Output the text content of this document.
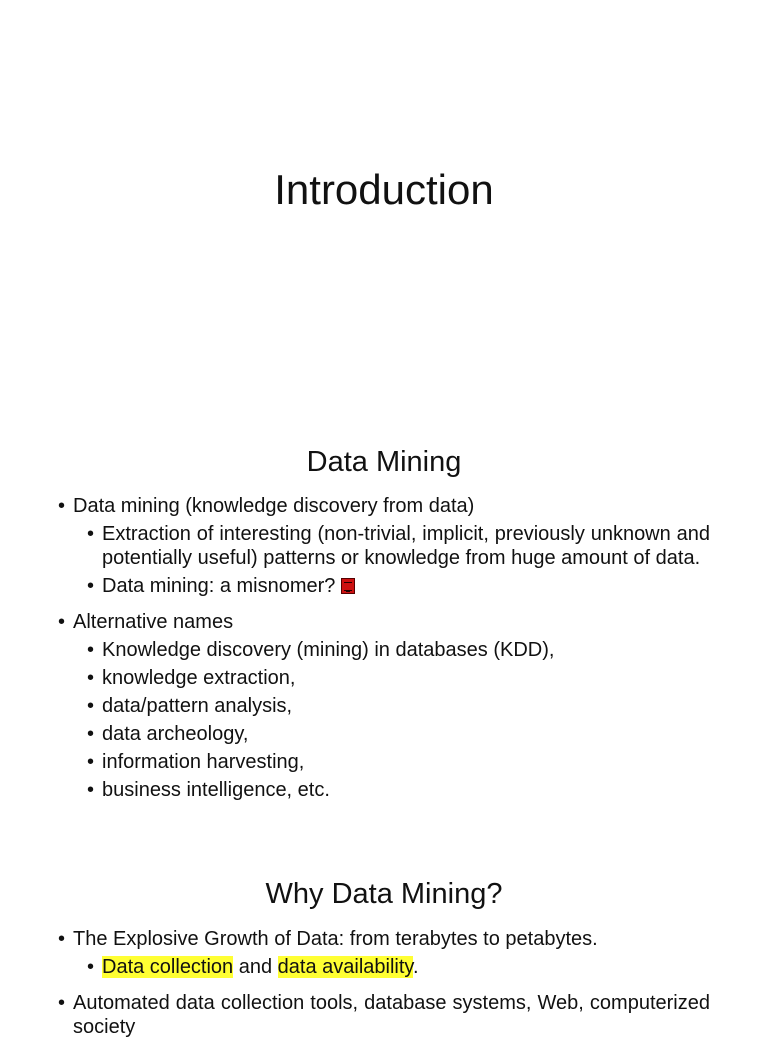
Introduction
Data Mining
• Data mining (knowledge discovery from data)
• Extraction of interesting (non-trivial, implicit, previously unknown and potentially useful) patterns or knowledge from huge amount of data.
• Data mining: a misnomer?
• Alternative names
• Knowledge discovery (mining) in databases (KDD),
• knowledge extraction,
• data/pattern analysis,
• data archeology,
• information harvesting,
• business intelligence, etc.
Why Data Mining?
• The Explosive Growth of Data: from terabytes to petabytes.
• Data collection and data availability.
• Automated data collection tools, database systems, Web, computerized society
